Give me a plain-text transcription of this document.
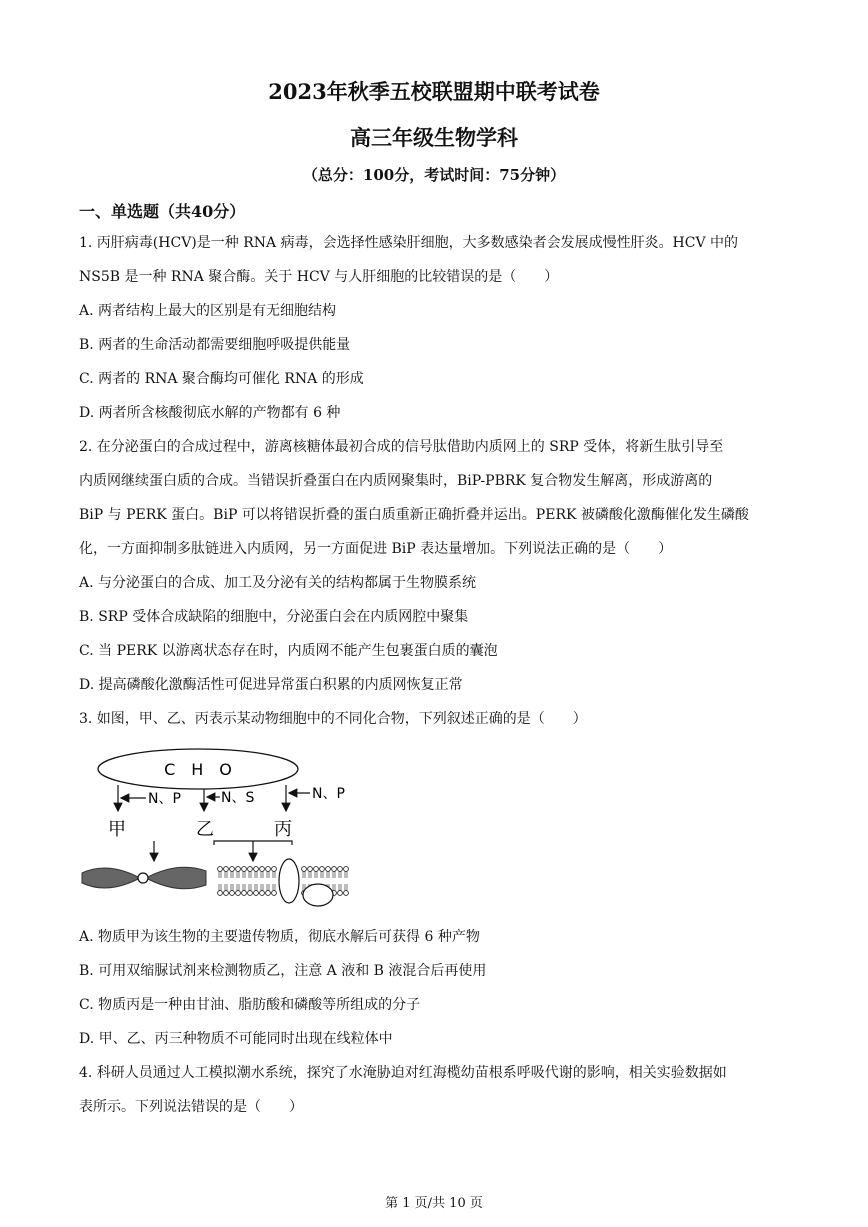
2023年秋季五校联盟期中联考试卷
高三年级生物学科
（总分：100分，考试时间：75分钟）
一、单选题（共40分）
1. 丙肝病毒(HCV)是一种 RNA 病毒，会选择性感染肝细胞，大多数感染者会发展成慢性肝炎。HCV 中的
NS5B 是一种 RNA 聚合酶。关于 HCV 与人肝细胞的比较错误的是（　　）
A. 两者结构上最大的区别是有无细胞结构
B. 两者的生命活动都需要细胞呼吸提供能量
C. 两者的 RNA 聚合酶均可催化 RNA 的形成
D. 两者所含核酸彻底水解的产物都有 6 种
2. 在分泌蛋白的合成过程中，游离核糖体最初合成的信号肽借助内质网上的 SRP 受体，将新生肽引导至
内质网继续蛋白质的合成。当错误折叠蛋白在内质网聚集时，BiP-PBRK 复合物发生解离，形成游离的
BiP 与 PERK 蛋白。BiP 可以将错误折叠的蛋白质重新正确折叠并运出。PERK 被磷酸化激酶催化发生磷酸
化，一方面抑制多肽链进入内质网，另一方面促进 BiP 表达量增加。下列说法正确的是（　　）
A. 与分泌蛋白的合成、加工及分泌有关的结构都属于生物膜系统
B. SRP 受体合成缺陷的细胞中，分泌蛋白会在内质网腔中聚集
C. 当 PERK 以游离状态存在时，内质网不能产生包裹蛋白质的囊泡
D. 提高磷酸化激酶活性可促进异常蛋白积累的内质网恢复正常
3. 如图，甲、乙、丙表示某动物细胞中的不同化合物，下列叙述正确的是（　　）
C　H　O
N、P	N、S	N、P
甲	乙	丙
A. 物质甲为该生物的主要遗传物质，彻底水解后可获得 6 种产物
B. 可用双缩脲试剂来检测物质乙，注意 A 液和 B 液混合后再使用
C. 物质丙是一种由甘油、脂肪酸和磷酸等所组成的分子
D. 甲、乙、丙三种物质不可能同时出现在线粒体中
4. 科研人员通过人工模拟潮水系统，探究了水淹胁迫对红海榄幼苗根系呼吸代谢的影响，相关实验数据如
表所示。下列说法错误的是（　　）
第 1 页/共 10 页
